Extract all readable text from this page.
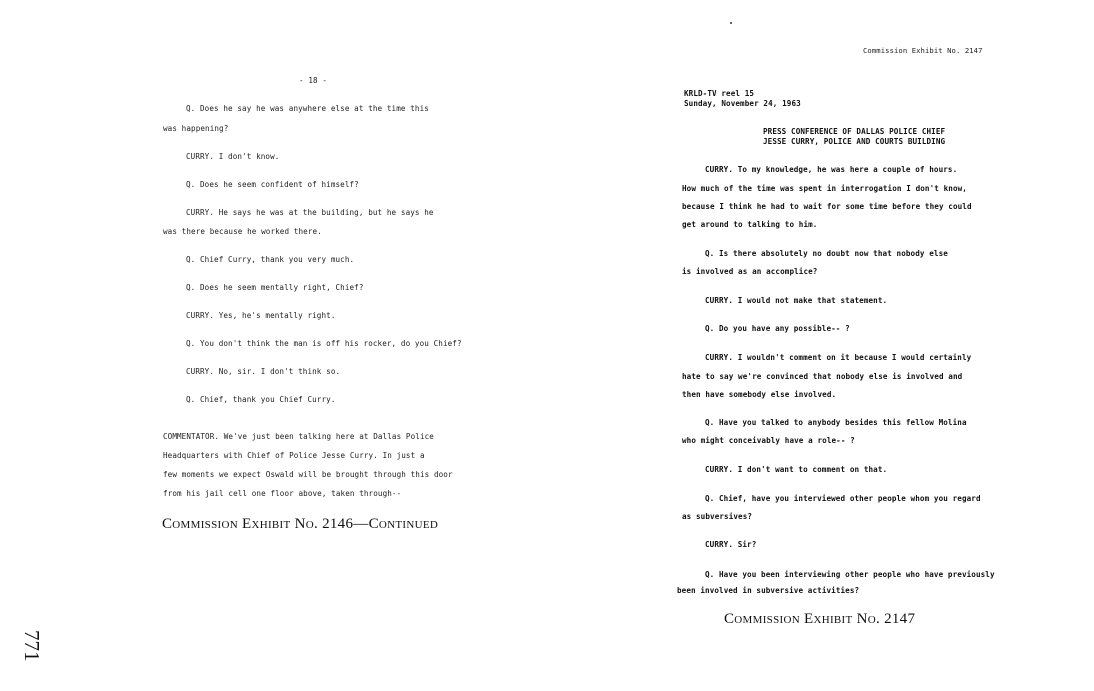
- 18 -
Q. Does he say he was anywhere else at the time this
was happening?
CURRY. I don't know.
Q. Does he seem confident of himself?
CURRY. He says he was at the building, but he says he
was there because he worked there.
Q. Chief Curry, thank you very much.
Q. Does he seem mentally right, Chief?
CURRY. Yes, he's mentally right.
Q. You don't think the man is off his rocker, do you Chief?
CURRY. No, sir. I don't think so.
Q. Chief, thank you Chief Curry.
COMMENTATOR. We've just been talking here at Dallas Police
Headquarters with Chief of Police Jesse Curry. In just a
few moments we expect Oswald will be brought through this door
from his jail cell one floor above, taken through--
Commission Exhibit No. 2146—Continued
771
Commission Exhibit No. 2147
KRLD-TV reel 15
Sunday, November 24, 1963
PRESS CONFERENCE OF DALLAS POLICE CHIEF
JESSE CURRY, POLICE AND COURTS BUILDING
CURRY. To my knowledge, he was here a couple of hours.
How much of the time was spent in interrogation I don't know,
because I think he had to wait for some time before they could
get around to talking to him.
Q. Is there absolutely no doubt now that nobody else
is involved as an accomplice?
CURRY. I would not make that statement.
Q. Do you have any possible-- ?
CURRY. I wouldn't comment on it because I would certainly
hate to say we're convinced that nobody else is involved and
then have somebody else involved.
Q. Have you talked to anybody besides this fellow Molina
who might conceivably have a role-- ?
CURRY. I don't want to comment on that.
Q. Chief, have you interviewed other people whom you regard
as subversives?
CURRY. Sir?
Q. Have you been interviewing other people who have previously
been involved in subversive activities?
Commission Exhibit No. 2147
